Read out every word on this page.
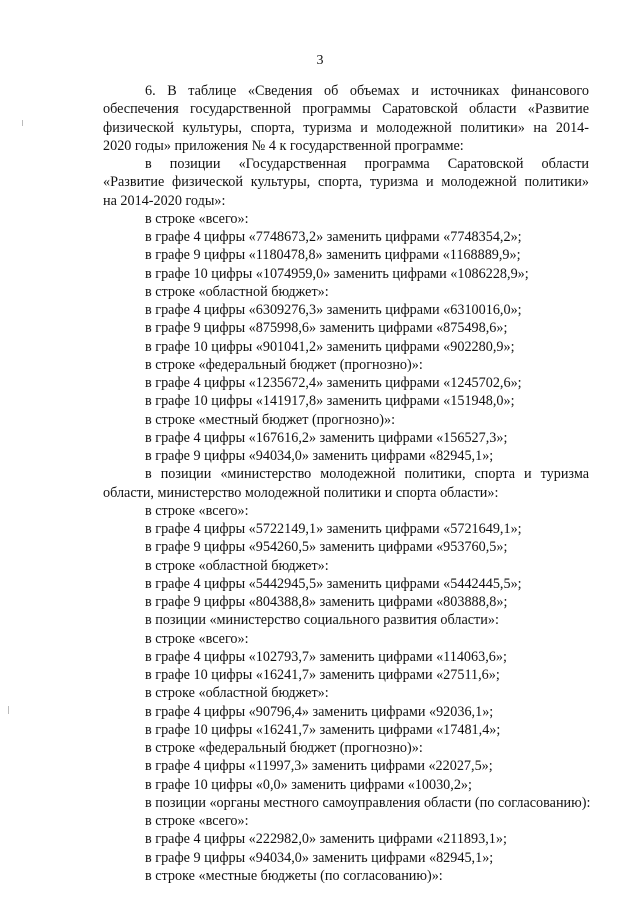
3
6. В таблице «Сведения об объемах и источниках финансового
обеспечения государственной программы Саратовской области «Развитие
физической культуры, спорта, туризма и молодежной политики» на 2014-
2020 годы» приложения № 4 к государственной программе:
в позиции «Государственная программа Саратовской области
«Развитие физической культуры, спорта, туризма и молодежной политики»
на 2014-2020 годы»:
в строке «всего»:
в графе 4 цифры «7748673,2» заменить цифрами «7748354,2»;
в графе 9 цифры «1180478,8» заменить цифрами «1168889,9»;
в графе 10 цифры «1074959,0» заменить цифрами «1086228,9»;
в строке «областной бюджет»:
в графе 4 цифры «6309276,3» заменить цифрами «6310016,0»;
в графе 9 цифры «875998,6» заменить цифрами «875498,6»;
в графе 10 цифры «901041,2» заменить цифрами «902280,9»;
в строке «федеральный бюджет (прогнозно)»:
в графе 4 цифры «1235672,4» заменить цифрами «1245702,6»;
в графе 10 цифры «141917,8» заменить цифрами «151948,0»;
в строке «местный бюджет (прогнозно)»:
в графе 4 цифры «167616,2» заменить цифрами «156527,3»;
в графе 9 цифры «94034,0» заменить цифрами «82945,1»;
в позиции «министерство молодежной политики, спорта и туризма
области, министерство молодежной политики и спорта области»:
в строке «всего»:
в графе 4 цифры «5722149,1» заменить цифрами «5721649,1»;
в графе 9 цифры «954260,5» заменить цифрами «953760,5»;
в строке «областной бюджет»:
в графе 4 цифры «5442945,5» заменить цифрами «5442445,5»;
в графе 9 цифры «804388,8» заменить цифрами «803888,8»;
в позиции «министерство социального развития области»:
в строке «всего»:
в графе 4 цифры «102793,7» заменить цифрами «114063,6»;
в графе 10 цифры «16241,7» заменить цифрами «27511,6»;
в строке «областной бюджет»:
в графе 4 цифры «90796,4» заменить цифрами «92036,1»;
в графе 10 цифры «16241,7» заменить цифрами «17481,4»;
в строке «федеральный бюджет (прогнозно)»:
в графе 4 цифры «11997,3» заменить цифрами «22027,5»;
в графе 10 цифры «0,0» заменить цифрами «10030,2»;
в позиции «органы местного самоуправления области (по согласованию):
в строке «всего»:
в графе 4 цифры «222982,0» заменить цифрами «211893,1»;
в графе 9 цифры «94034,0» заменить цифрами «82945,1»;
в строке «местные бюджеты (по согласованию)»:
